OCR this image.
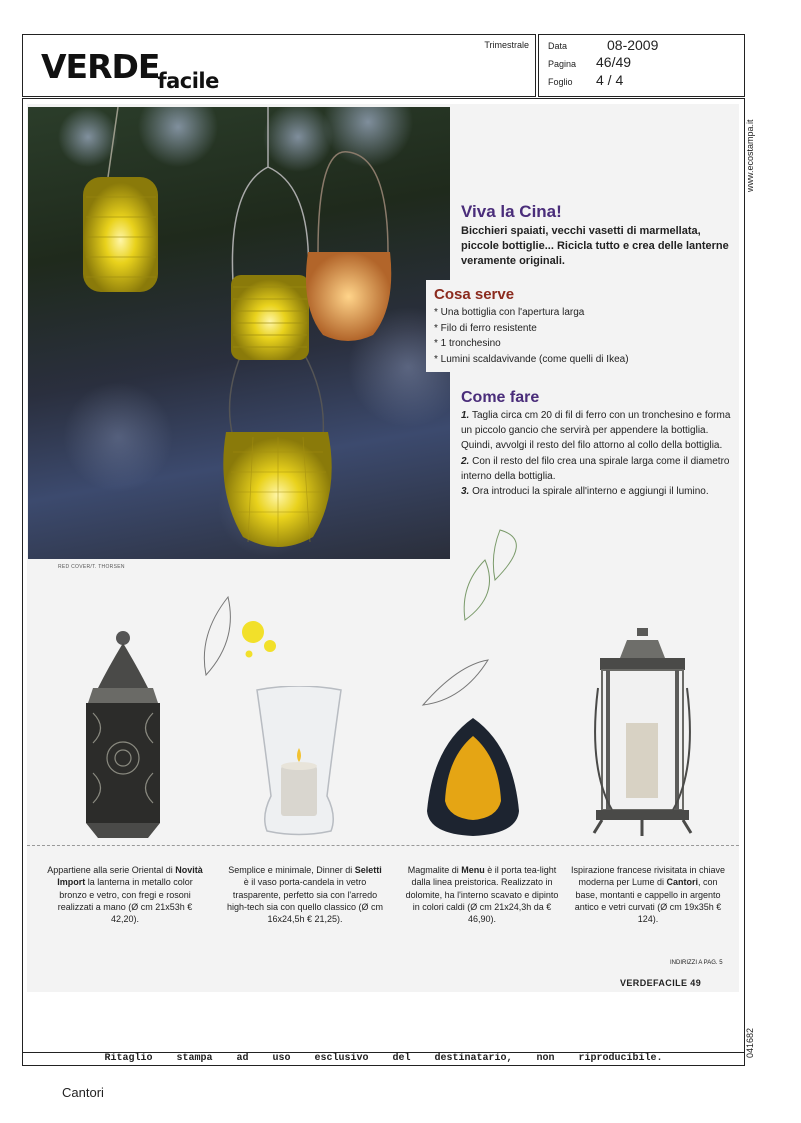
VERDEfacile
Trimestrale Data	08-2009
Pagina 46/49
Foglio 4 / 4
www.ecostampa.it
041682
RED COVER/T. THORSEN
Viva la Cina!
Bicchieri spaiati, vecchi vasetti di marmellata, piccole bottiglie... Ricicla tutto e crea delle lanterne veramente originali.
Cosa serve
* Una bottiglia con l'apertura larga
* Filo di ferro resistente
* 1 tronchesino
* Lumini scaldavivande (come quelli di Ikea)
Come fare

1. Taglia circa cm 20 di fil di ferro con un tronchesino e forma un piccolo gancio che servirà per appendere la bottiglia. Quindi, avvolgi il resto del filo attorno al collo della bottiglia.

2. Con il resto del filo crea una spirale larga come il diametro interno della bottiglia.

3. Ora introduci la spirale all'interno e aggiungi il lumino.

Appartiene alla serie Oriental di Novità Import la lanterna in metallo color bronzo e vetro, con fregi e rosoni realizzati a mano (Ø cm 21x53h € 42,20).
Semplice e minimale, Dinner di Seletti è il vaso porta-candela in vetro trasparente, perfetto sia con l'arredo high-tech sia con quello classico (Ø cm 16x24,5h € 21,25).
Magmalite di Menu è il porta tea-light dalla linea preistorica. Realizzato in dolomite, ha l'interno scavato e dipinto in colori caldi (Ø cm 21x24,3h da € 46,90).
Ispirazione francese rivisitata in chiave moderna per Lume di Cantori, con base, montanti e cappello in argento antico e vetri curvati (Ø cm 19x35h € 124).
INDIRIZZI A PAG. 5
VERDEFACILE 49
Ritaglio stampa ad uso esclusivo del destinatario, non riproducibile.
Cantori
